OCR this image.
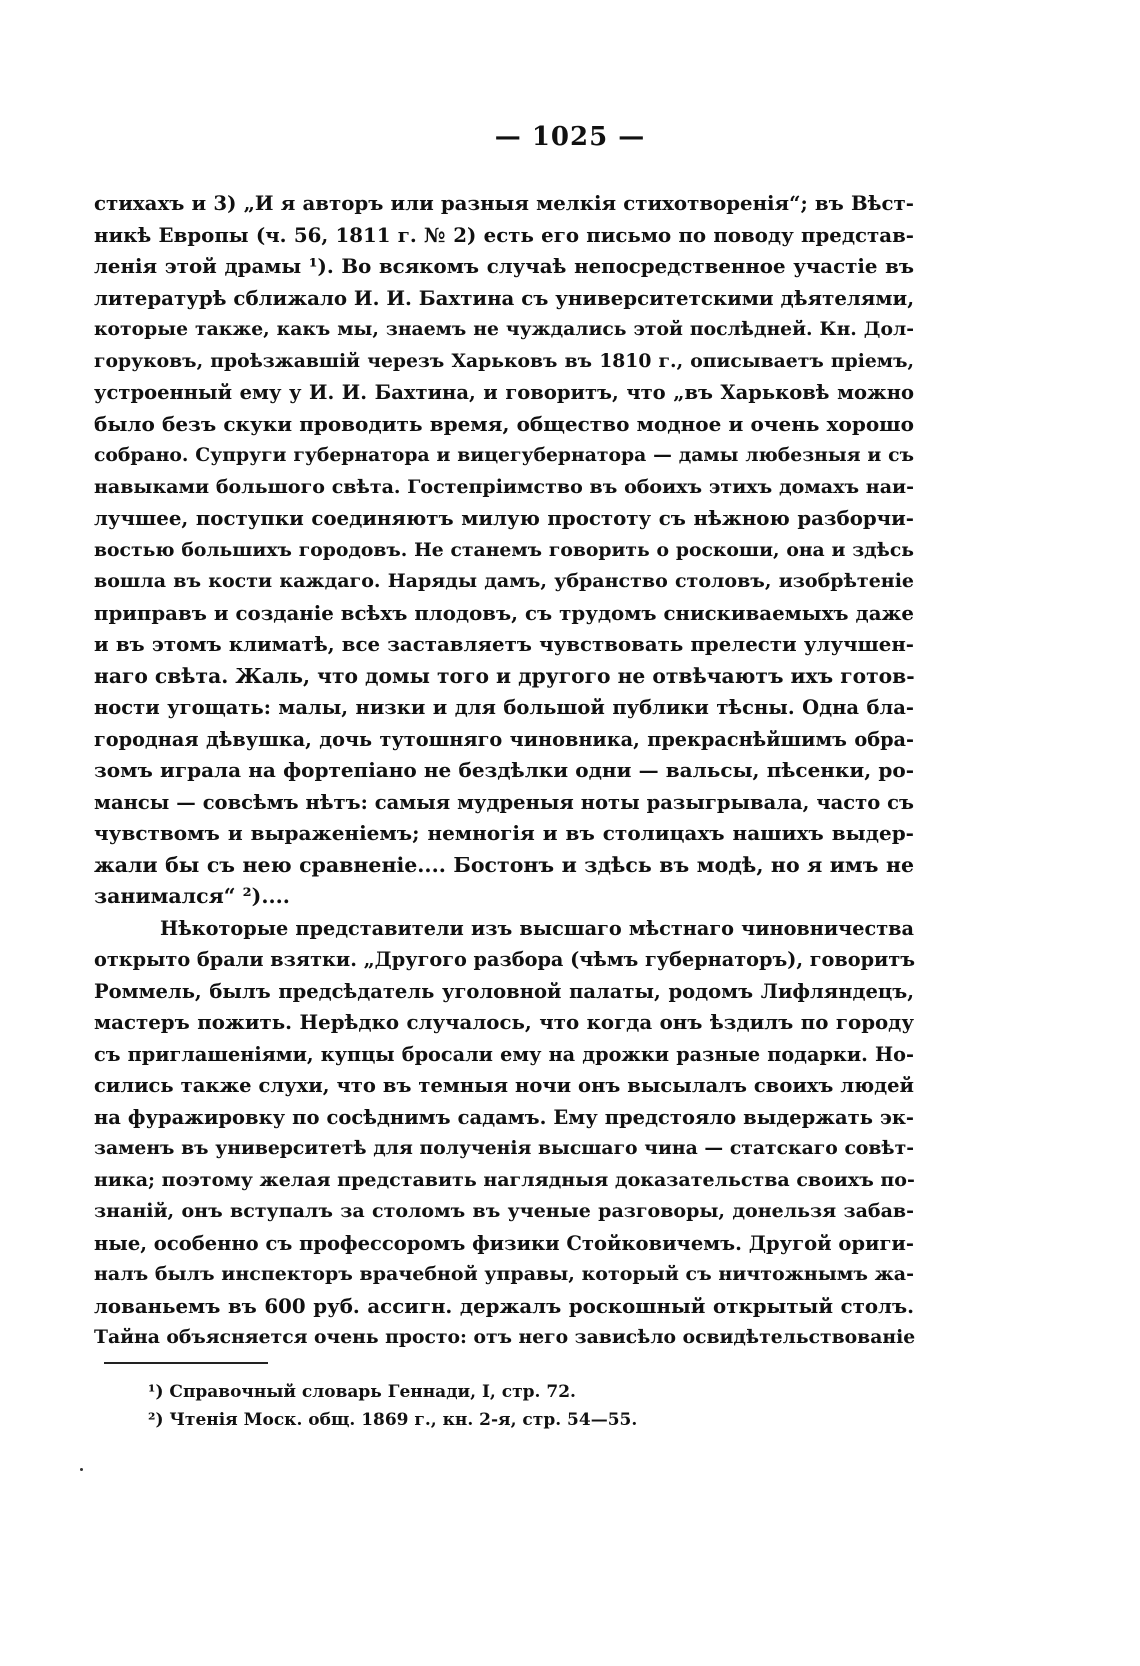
— 1025 —
стихахъ и 3) „И я авторъ или разныя мелкія стихотворенія“; въ Вѣст-
никѣ Европы (ч. 56, 1811 г. № 2) есть его письмо по поводу представ-
ленія этой драмы ¹). Во всякомъ случаѣ непосредственное участіе въ
литературѣ сближало И. И. Бахтина съ университетскими дѣятелями,
которые также, какъ мы, знаемъ не чуждались этой послѣдней. Кн. Дол-
горуковъ, проѣзжавшій черезъ Харьковъ въ 1810 г., описываетъ пріемъ,
устроенный ему у И. И. Бахтина, и говоритъ, что „въ Харьковѣ можно
было безъ скуки проводить время, общество модное и очень хорошо
собрано. Супруги губернатора и вицегубернатора — дамы любезныя и съ
навыками большого свѣта. Гостепріимство въ обоихъ этихъ домахъ наи-
лучшее, поступки соединяютъ милую простоту съ нѣжною разборчи-
востью большихъ городовъ. Не станемъ говорить о роскоши, она и здѣсь
вошла въ кости каждаго. Наряды дамъ, убранство столовъ, изобрѣтеніе
приправъ и созданіе всѣхъ плодовъ, съ трудомъ снискиваемыхъ даже
и въ этомъ климатѣ, все заставляетъ чувствовать прелести улучшен-
наго свѣта. Жаль, что домы того и другого не отвѣчаютъ ихъ готов-
ности угощать: малы, низки и для большой публики тѣсны. Одна бла-
городная дѣвушка, дочь тутошняго чиновника, прекраснѣйшимъ обра-
зомъ играла на фортепіано не бездѣлки одни — вальсы, пѣсенки, ро-
мансы — совсѣмъ нѣтъ: самыя мудреныя ноты разыгрывала, часто съ
чувствомъ и выраженіемъ; немногія и въ столицахъ нашихъ выдер-
жали бы съ нею сравненіе.... Бостонъ и здѣсь въ модѣ, но я имъ не
занимался“ ²)....
Нѣкоторые представители изъ высшаго мѣстнаго чиновничества
открыто брали взятки. „Другого разбора (чѣмъ губернаторъ), говоритъ
Роммель, былъ предсѣдатель уголовной палаты, родомъ Лифляндецъ,
мастеръ пожить. Нерѣдко случалось, что когда онъ ѣздилъ по городу
съ приглашеніями, купцы бросали ему на дрожки разные подарки. Но-
сились также слухи, что въ темныя ночи онъ высылалъ своихъ людей
на фуражировку по сосѣднимъ садамъ. Ему предстояло выдержать эк-
заменъ въ университетѣ для полученія высшаго чина — статскаго совѣт-
ника; поэтому желая представить наглядныя доказательства своихъ по-
знаній, онъ вступалъ за столомъ въ ученые разговоры, донельзя забав-
ные, особенно съ профессоромъ физики Стойковичемъ. Другой ориги-
налъ былъ инспекторъ врачебной управы, который съ ничтожнымъ жа-
лованьемъ въ 600 руб. ассигн. держалъ роскошный открытый столъ.
Тайна объясняется очень просто: отъ него зависѣло освидѣтельствованіе
¹) Справочный словарь Геннади, I, стр. 72.
²) Чтенія Моск. общ. 1869 г., кн. 2-я, стр. 54—55.
